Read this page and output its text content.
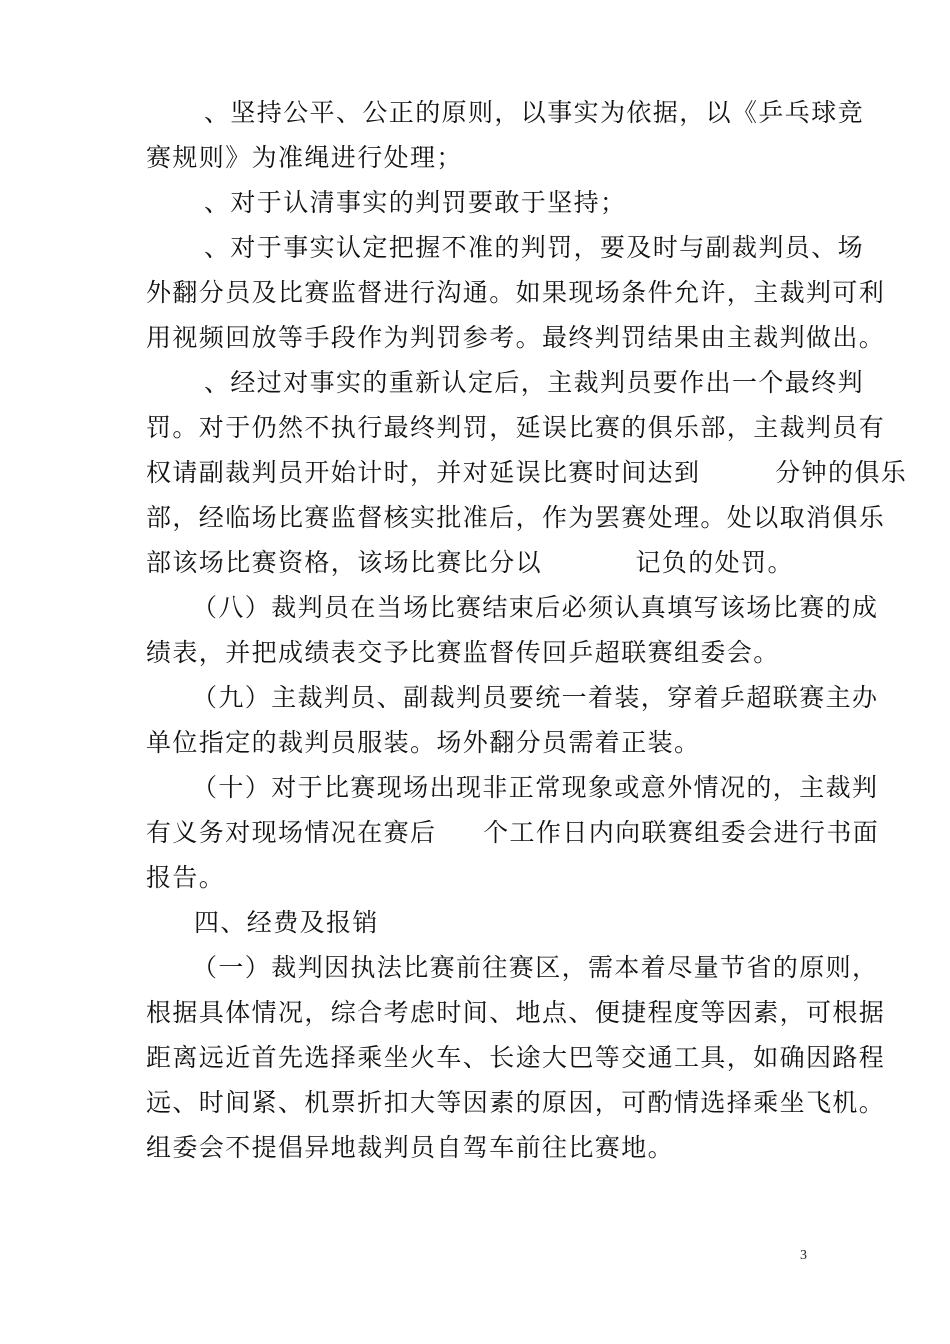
、坚持公平、公正的原则，以事实为依据，以《乒乓球竞
赛规则》为准绳进行处理；
、对于认清事实的判罚要敢于坚持；
、对于事实认定把握不准的判罚，要及时与副裁判员、场
外翻分员及比赛监督进行沟通。如果现场条件允许，主裁判可利
用视频回放等手段作为判罚参考。最终判罚结果由主裁判做出。
、经过对事实的重新认定后，主裁判员要作出一个最终判
罚。对于仍然不执行最终判罚，延误比赛的俱乐部，主裁判员有
权请副裁判员开始计时，并对延误比赛时间达到        分钟的俱乐
部，经临场比赛监督核实批准后，作为罢赛处理。处以取消俱乐
部该场比赛资格，该场比赛比分以          记负的处罚。
（八）裁判员在当场比赛结束后必须认真填写该场比赛的成
绩表，并把成绩表交予比赛监督传回乒超联赛组委会。
（九）主裁判员、副裁判员要统一着装，穿着乒超联赛主办
单位指定的裁判员服装。场外翻分员需着正装。
（十）对于比赛现场出现非正常现象或意外情况的，主裁判
有义务对现场情况在赛后     个工作日内向联赛组委会进行书面
报告。
四、经费及报销
（一）裁判因执法比赛前往赛区，需本着尽量节省的原则，
根据具体情况，综合考虑时间、地点、便捷程度等因素，可根据
距离远近首先选择乘坐火车、长途大巴等交通工具，如确因路程
远、时间紧、机票折扣大等因素的原因，可酌情选择乘坐飞机。
组委会不提倡异地裁判员自驾车前往比赛地。
3
